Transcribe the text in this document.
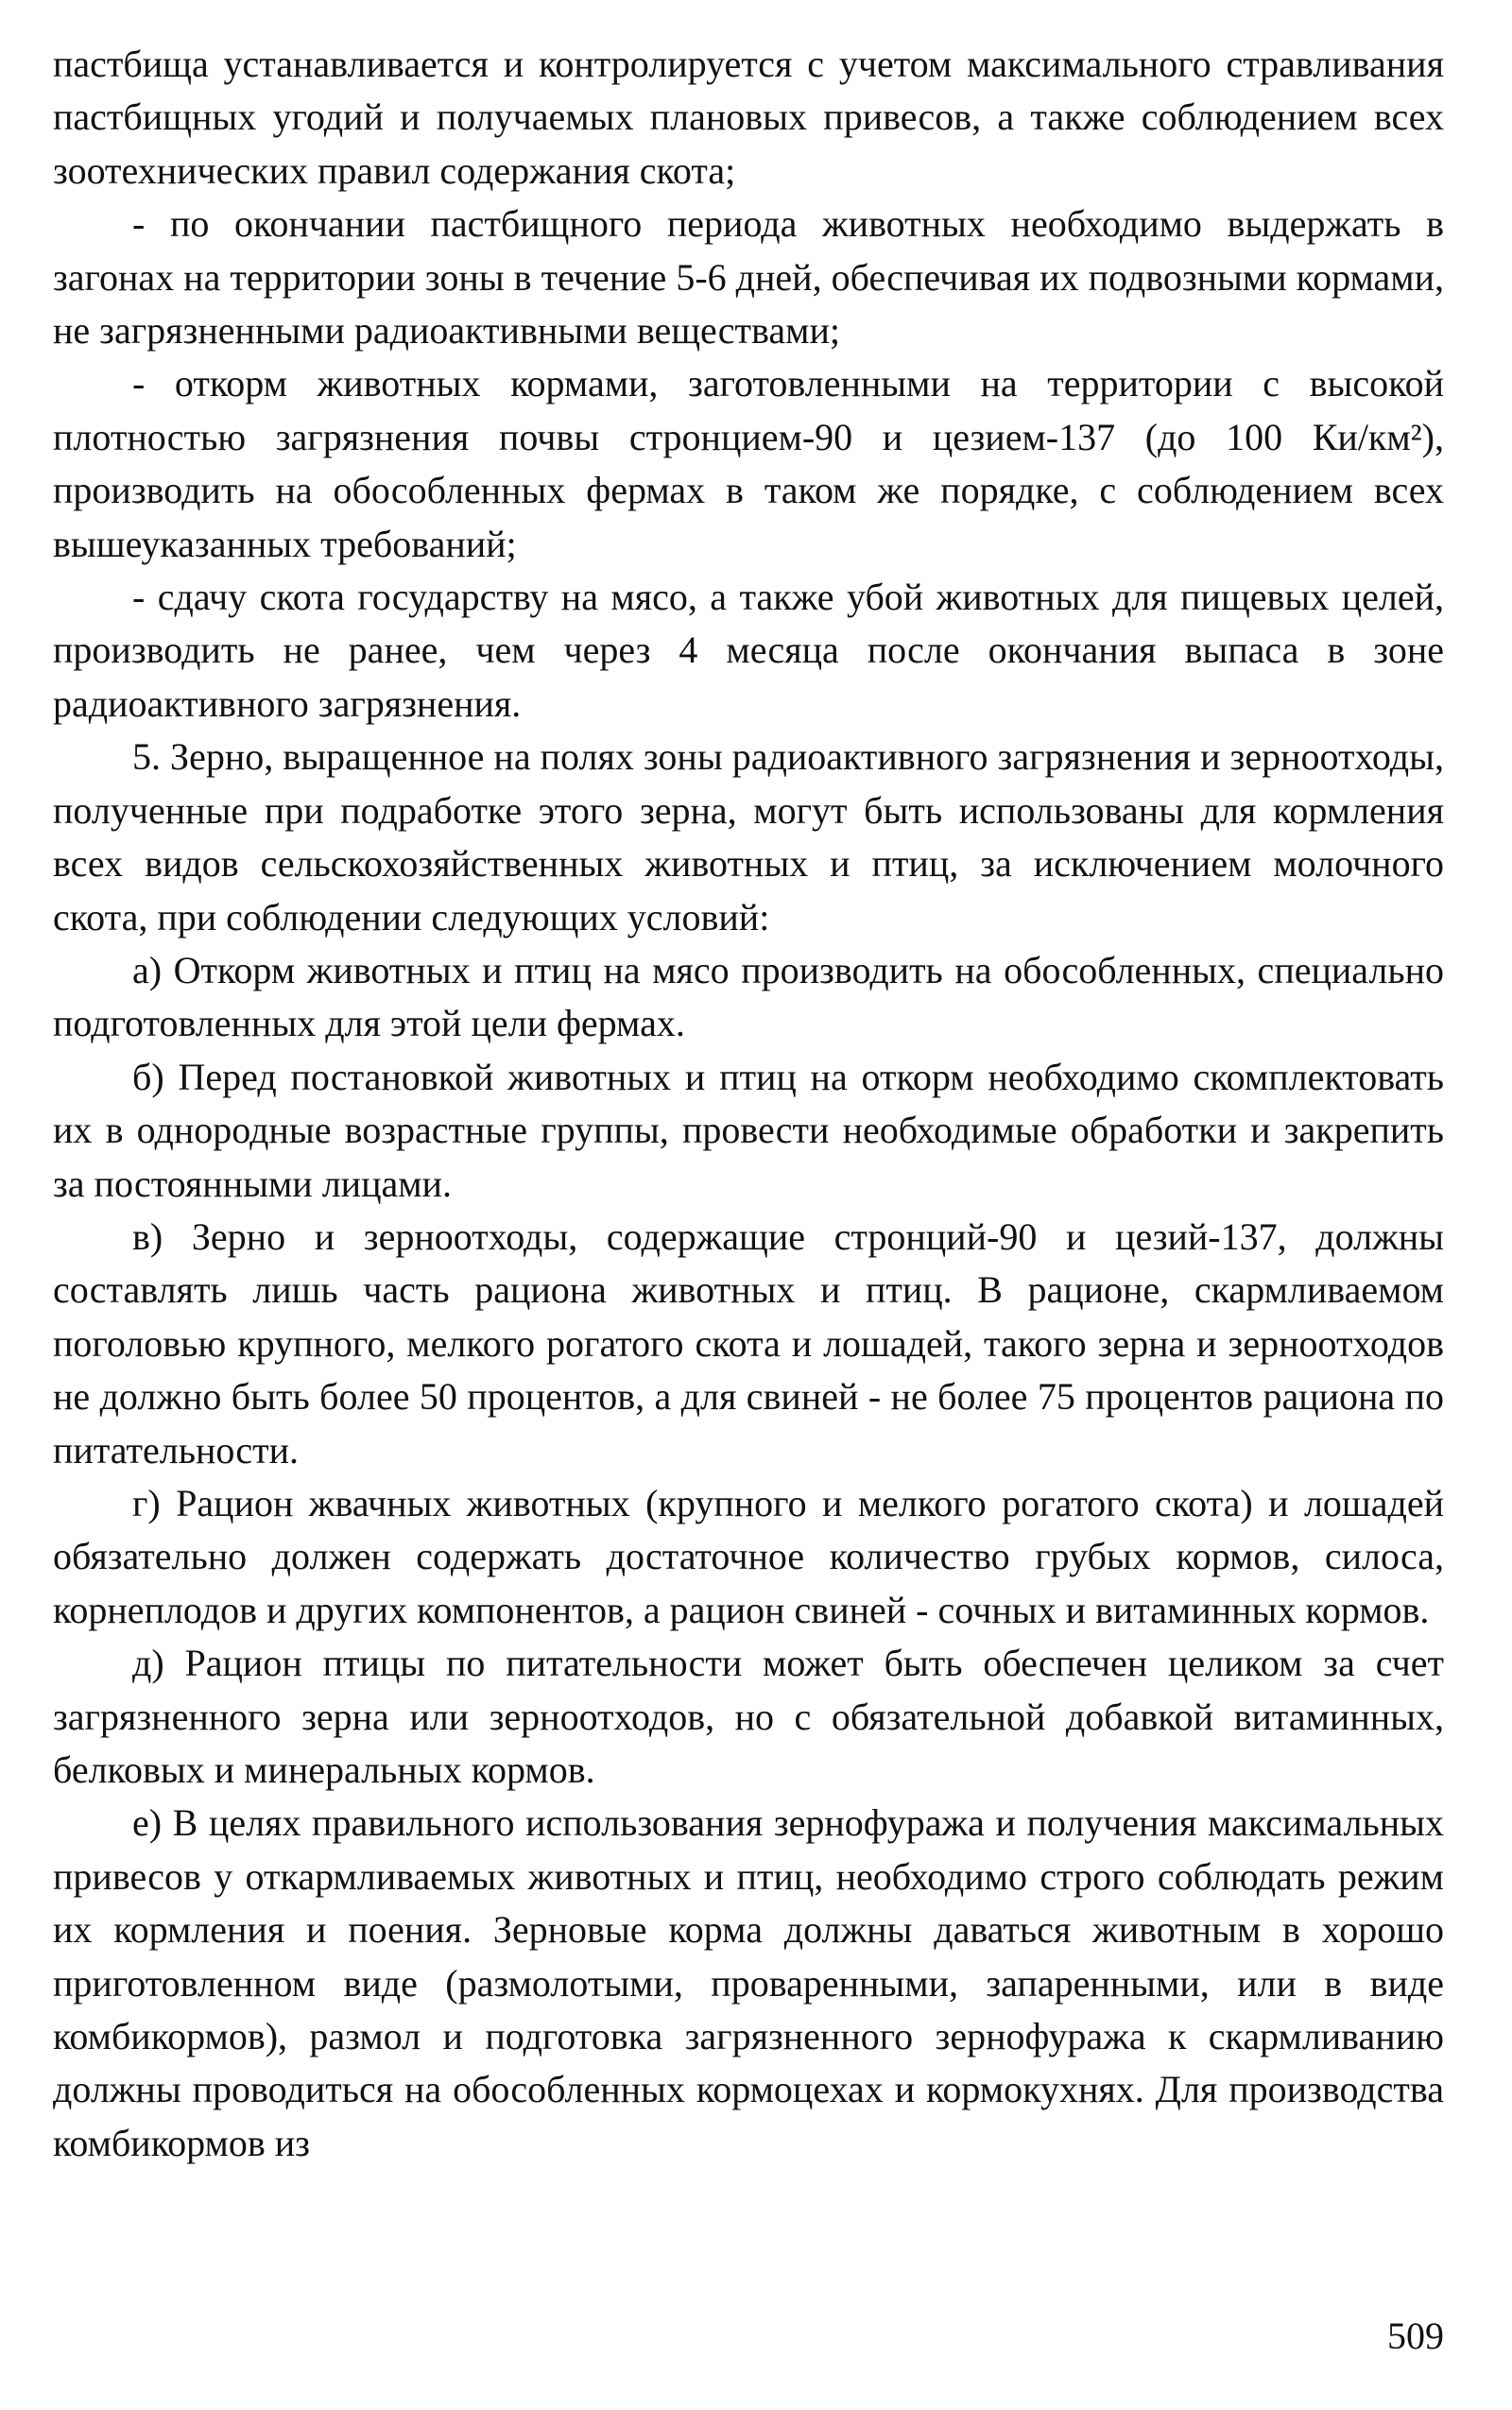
пастбища устанавливается и контролируется с учетом максимального стравливания пастбищных угодий и получаемых плановых привесов, а также соблюдением всех зоотехнических правил содержания скота;

- по окончании пастбищного периода животных необходимо выдержать в загонах на территории зоны в течение 5-6 дней, обеспечивая их подвозными кормами, не загрязненными радиоактивными веществами;

- откорм животных кормами, заготовленными на территории с высокой плотностью загрязнения почвы стронцием-90 и цезием-137 (до 100 Ки/км²), производить на обособленных фермах в таком же порядке, с соблюдением всех вышеуказанных требований;

- сдачу скота государству на мясо, а также убой животных для пищевых целей, производить не ранее, чем через 4 месяца после окончания выпаса в зоне радиоактивного загрязнения.

5. Зерно, выращенное на полях зоны радиоактивного загрязнения и зерноотходы, полученные при подработке этого зерна, могут быть использованы для кормления всех видов сельскохозяйственных животных и птиц, за исключением молочного скота, при соблюдении следующих условий:

а) Откорм животных и птиц на мясо производить на обособленных, специально подготовленных для этой цели фермах.

б) Перед постановкой животных и птиц на откорм необходимо скомплектовать их в однородные возрастные группы, провести необходимые обработки и закрепить за постоянными лицами.

в) Зерно и зерноотходы, содержащие стронций-90 и цезий-137, должны составлять лишь часть рациона животных и птиц. В рационе, скармливаемом поголовью крупного, мелкого рогатого скота и лошадей, такого зерна и зерноотходов не должно быть более 50 процентов, а для свиней - не более 75 процентов рациона по питательности.

г) Рацион жвачных животных (крупного и мелкого рогатого скота) и лошадей обязательно должен содержать достаточное количество грубых кормов, силоса, корнеплодов и других компонентов, а рацион свиней - сочных и витаминных кормов.

д) Рацион птицы по питательности может быть обеспечен целиком за счет загрязненного зерна или зерноотходов, но с обязательной добавкой витаминных, белковых и минеральных кормов.

е) В целях правильного использования зернофуража и получения максимальных привесов у откармливаемых животных и птиц, необходимо строго соблюдать режим их кормления и поения. Зерновые корма должны даваться животным в хорошо приготовленном виде (размолотыми, проваренными, запаренными, или в виде комбикормов), размол и подготовка загрязненного зернофуража к скармливанию должны проводиться на обособленных кормоцехах и кормокухнях. Для производства комбикормов из

509
